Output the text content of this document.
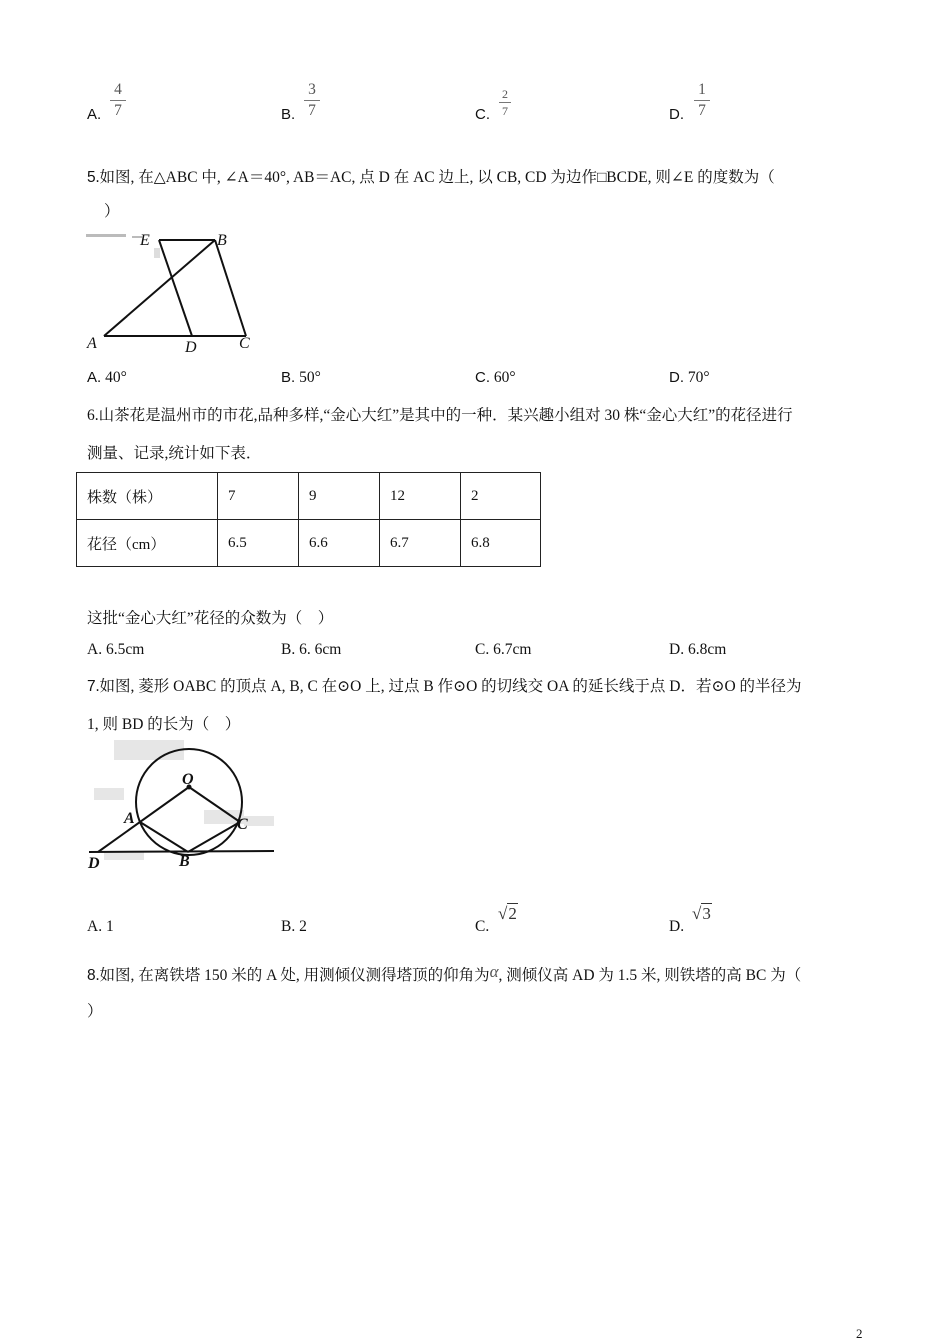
A.
4
7	B.
3
7	C.
2
7	D.
1
7
5.如图, 在△ABC 中, ∠A＝40°, AB＝AC, 点 D 在 AC 边上, 以 CB, CD 为边作□BCDE, 则∠E 的度数为（
）
E	B
A	D	C
A. 40°	B. 50°	C. 60°	D. 70°
6.山茶花是温州市的市花,品种多样,“金心大红”是其中的一种．某兴趣小组对 30 株“金心大红”的花径进行
测量、记录,统计如下表．
株数（株）	7	9	12	2
花径（cm）	6.5	6.6	6.7	6.8
这批“金心大红”花径的众数为（　）
A. 6.5cm	B. 6. 6cm	C. 6.7cm	D. 6.8cm
7.如图, 菱形 OABC 的顶点 A, B, C 在⊙O 上, 过点 B 作⊙O 的切线交 OA 的延长线于点 D．若⊙O 的半径为
1, 则 BD 的长为（　）
O
A	C
D	B
A. 1	B. 2	C.
√2
D.
√3
8.如图, 在离铁塔 150 米的 A 处, 用测倾仪测得塔顶的仰角为α, 测倾仪高 AD 为 1.5 米, 则铁塔的高 BC 为（
）
2
